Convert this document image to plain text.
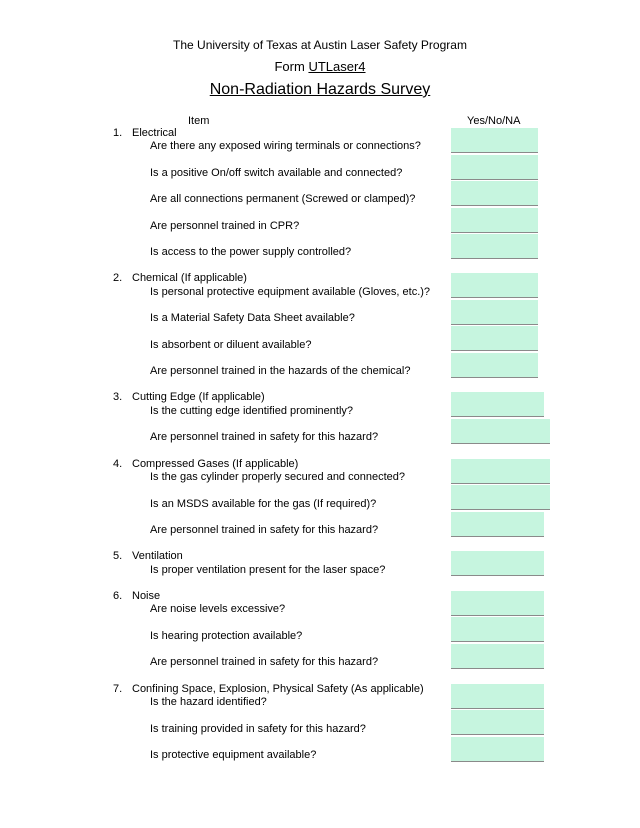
The University of Texas at Austin Laser Safety Program
Form UTLaser4
Non-Radiation Hazards Survey
Item	Yes/No/NA
1. Electrical
Are there any exposed wiring terminals or connections?
Is a positive On/off switch available and connected?
Are all connections permanent (Screwed or clamped)?
Are personnel trained in CPR?
Is access to the power supply controlled?
2. Chemical (If applicable)
Is personal protective equipment available (Gloves, etc.)?
Is a Material Safety Data Sheet available?
Is absorbent or diluent available?
Are personnel trained in the hazards of the chemical?
3. Cutting Edge (If applicable)
Is the cutting edge identified prominently?
Are personnel trained in safety for this hazard?
4. Compressed Gases (If applicable)
Is the gas cylinder properly secured and connected?
Is an MSDS available for the gas (If required)?
Are personnel trained in safety for this hazard?
5. Ventilation
Is proper ventilation present for the laser space?
6. Noise
Are noise levels excessive?
Is hearing protection available?
Are personnel trained in safety for this hazard?
7. Confining Space, Explosion, Physical Safety (As applicable)
Is the hazard identified?
Is training provided in safety for this hazard?
Is protective equipment available?
